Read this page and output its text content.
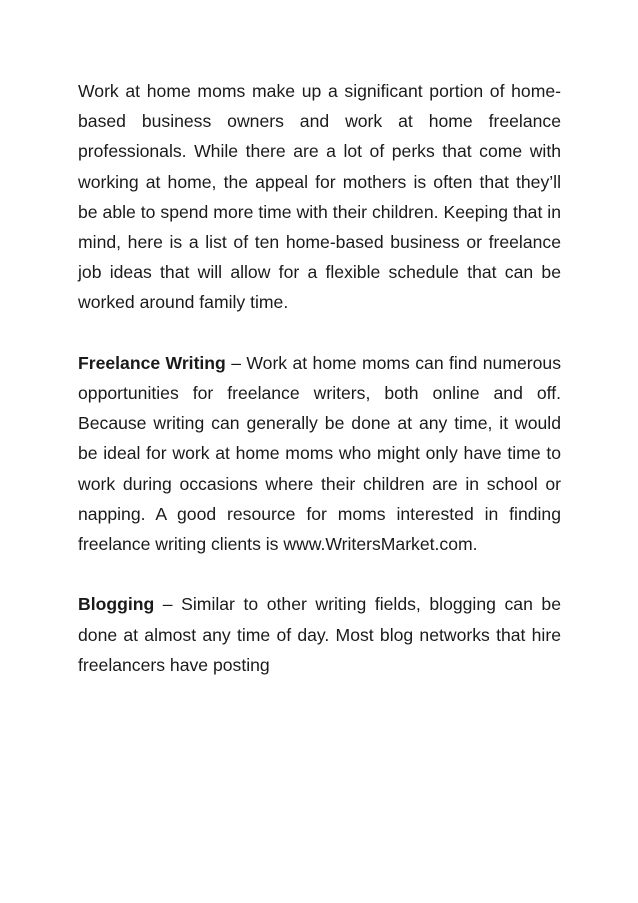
Work at home moms make up a significant portion of home-based business owners and work at home freelance professionals. While there are a lot of perks that come with working at home, the appeal for mothers is often that they’ll be able to spend more time with their children. Keeping that in mind, here is a list of ten home-based business or freelance job ideas that will allow for a flexible schedule that can be worked around family time.

Freelance Writing – Work at home moms can find numerous opportunities for freelance writers, both online and off. Because writing can generally be done at any time, it would be ideal for work at home moms who might only have time to work during occasions where their children are in school or napping. A good resource for moms interested in finding freelance writing clients is www.WritersMarket.com.

Blogging – Similar to other writing fields, blogging can be done at almost any time of day. Most blog networks that hire freelancers have posting
